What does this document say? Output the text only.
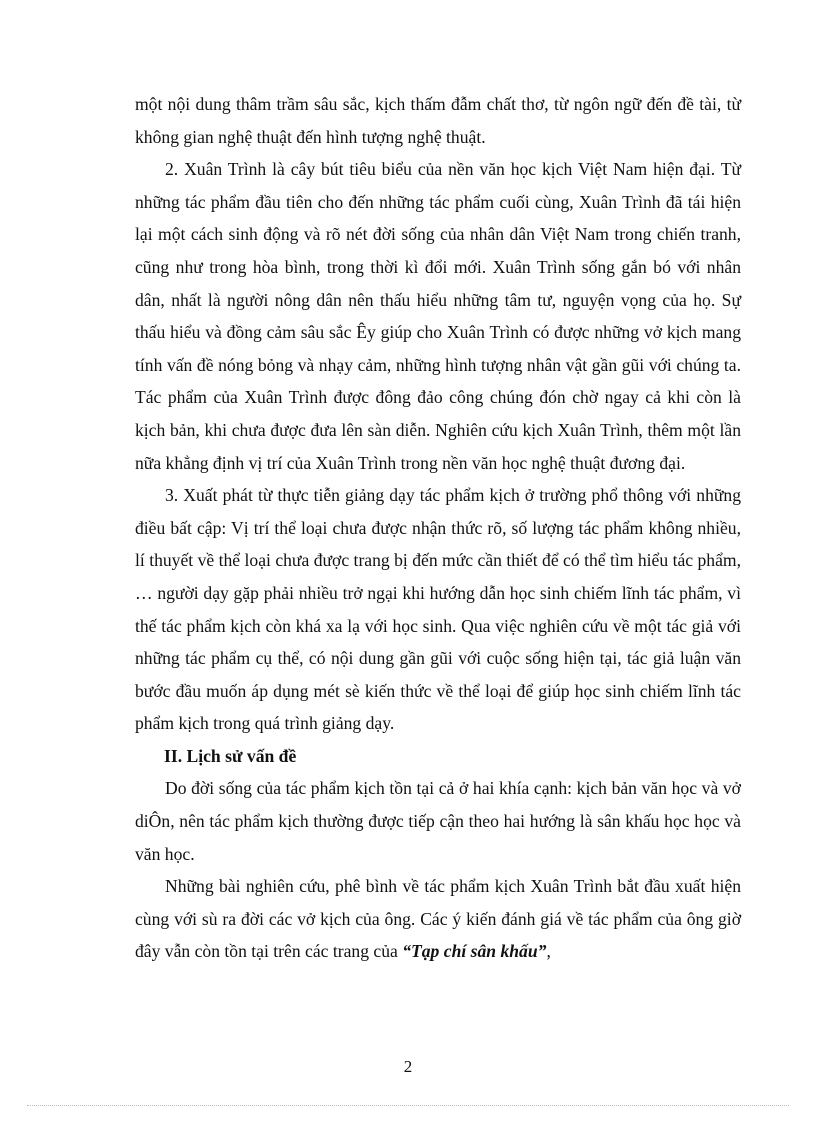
một nội dung thâm trầm sâu sắc, kịch thấm đẫm chất thơ, từ ngôn ngữ đến đề tài, từ không gian nghệ thuật đến hình tượng nghệ thuật.

2. Xuân Trình là cây bút tiêu biểu của nền văn học kịch Việt Nam hiện đại. Từ những tác phẩm đầu tiên cho đến những tác phẩm cuối cùng, Xuân Trình đã tái hiện lại một cách sinh động và rõ nét đời sống của nhân dân Việt Nam trong chiến tranh, cũng như trong hòa bình, trong thời kì đổi mới. Xuân Trình sống gắn bó với nhân dân, nhất là người nông dân nên thấu hiểu những tâm tư, nguyện vọng của họ. Sự thấu hiểu và đồng cảm sâu sắc Êy giúp cho Xuân Trình có được những vở kịch mang tính vấn đề nóng bỏng và nhạy cảm, những hình tượng nhân vật gần gũi với chúng ta. Tác phẩm của Xuân Trình được đông đảo công chúng đón chờ ngay cả khi còn là kịch bản, khi chưa được đưa lên sàn diễn. Nghiên cứu kịch Xuân Trình, thêm một lần nữa khẳng định vị trí của Xuân Trình trong nền văn học nghệ thuật đương đại.

3. Xuất phát từ thực tiễn giảng dạy tác phẩm kịch ở trường phổ thông với những điều bất cập: Vị trí thể loại chưa được nhận thức rõ, số lượng tác phẩm không nhiều, lí thuyết về thể loại chưa được trang bị đến mức cần thiết để có thể tìm hiểu tác phẩm, … người dạy gặp phải nhiều trở ngại khi hướng dẫn học sinh chiếm lĩnh tác phẩm, vì thế tác phẩm kịch còn khá xa lạ với học sinh. Qua việc nghiên cứu về một tác giả với những tác phẩm cụ thể, có nội dung gần gũi với cuộc sống hiện tại, tác giả luận văn bước đầu muốn áp dụng mét sè kiến thức về thể loại để giúp học sinh chiếm lĩnh tác phẩm kịch trong quá trình giảng dạy.

II. Lịch sử vấn đề

Do đời sống của tác phẩm kịch tồn tại cả ở hai khía cạnh: kịch bản văn học và vở diÔn, nên tác phẩm kịch thường được tiếp cận theo hai hướng là sân khấu học học và văn học.

Những bài nghiên cứu, phê bình về tác phẩm kịch Xuân Trình bắt đầu xuất hiện cùng với sù ra đời các vở kịch của ông. Các ý kiến đánh giá về tác phẩm của ông giờ đây vẫn còn tồn tại trên các trang của “Tạp chí sân khấu”,

2
